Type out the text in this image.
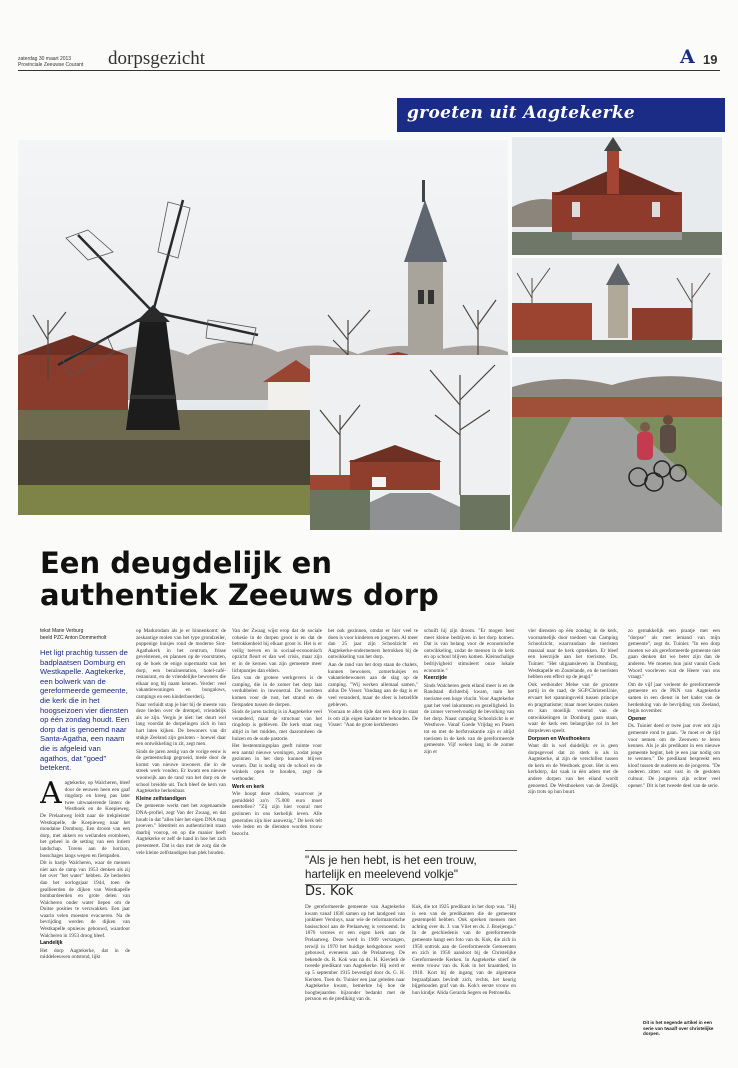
zaterdag 30 maart 2013
Provinciale Zeeuwse Courant	dorpsgezicht	A 19
groeten uit Aagtekerke
Een deugdelijk en
authentiek Zeeuws dorp
tekst Marie Verburg
beeld PZC Anton Dommerholt
Het ligt prachtig tussen de badplaatsen Domburg en Westkapelle. Aagtekerke, een bolwerk van de gereformeerde gemeente, die kerk die in het hoogseizoen vier diensten op één zondag houdt. Een dorp dat is genoemd naar Santa-Agatha, een naam die is afgeleid van agathos, dat "goed" betekent.

Aagtekerke, op Walcheren, bleef door de eeuwen heen een gaaf ringdorp en kreeg pas later twee uitwaaierende linten: de Westhoek en de Koepieweg. De Prelaatweg leidt naar de trekpleister Westkapelle, de Koepieweg naar het mondaine Domburg. Een droom van een dorp, met akkers en weilanden eromheen, het geheel in de setting van een intiem landschap. Torens aan de horizon, bosschages langs wegen en fietspaden.

Dit is hartje Walcheren, waar de mensen niet aan de ramp van 1953 denken als zij het over "het water" hebben. Ze bedoelen dan het oorlogsjaar 1944, toen de geallieerden de dijken van Westkapelle bombardeerden en grote delen van Walcheren onder water liepen om de Duitse posities te verzwakken. Een jaar waarin velen moesten evacueren. Na de bevrijding werden de dijken van Westkapelle opnieuw gebouwd, waardoor Walcheren in 1953 droog bleef.

Landelijk

Het dorp Aagtekerke, dat in de middeleeuwen ontstond, lijkt

op Madurodam als je er binnenkomt: de zeskantige molen van het type grondzeiler, poppenige huisjes rond de moderne Sint-Agathakerk in het centrum, frisse gevelstenen, en plannen op de voorstraten, op de hoek de enige supermarkt van het dorp, een benzinestation, hotel-café-restaurant, en de vriendelijke bewoners die elkaar nog bij naam kennen. Verder: veel vakantiewoningen en bungalows, campings en een kinderboerderij.

Naar verluidt stap je hier bij de meeste van deze lieden over de drempel, vriendelijk als ze zijn. Vergis je niet: het duurt wel lang voordat de dorpelingen zich in hun hart laten kijken. De bewoners van dit stukje Zeeland zijn gesloten – hoewel daar een ontwikkeling in zit, zegt men.

Sinds de jaren zestig van de vorige eeuw is de gemeenschap gegroeid, mede door de komst van nieuwe inwoners die in de streek werk vonden. Er kwam een nieuwe woonwijk aan de rand van het dorp en de school breidde uit. Toch bleef de kern van Aagtekerke herkenbaar.

Kleine zelfstandigen

De gemeente werkt met het zogenaamde DNA-profiel, zegt Van der Zwaag, en dat houdt in dat "alles hier het eigen DNA mag proeven." Identiteit en authenticiteit staan daarbij voorop, en op die manier heeft Aagtekerke er zelf de hand in hoe het zich presenteert. Dat is dan met de zorg dat de vele kleine zelfstandigen hun plek houden.

Van der Zwaag wijst erop dat de sociale cohesie in de dorpen groot is en dat de betrokkenheid bij elkaar groot is. Het is er veilig toeven en in sociaal-economisch opzicht fleurt er dan wel crisis, maar zijn er in de kernen van zijn gemeente meer lichtpuntjes dan elders.

Een van de grotere werkgevers is de camping, die in de zomer het dorp laat verdubbelen in inwonertal. De toeristen komen voor de rust, het strand en de fietspaden tussen de dorpen.

Sinds de jaren tachtig is in Aagtekerke veel veranderd, maar de structuur van het ringdorp is gebleven. De kerk staat nog altijd in het midden, met daaromheen de huizen en de oude pastorie.

Het bestemmingsplan geeft ruimte voor een aantal nieuwe woningen, zodat jonge gezinnen in het dorp kunnen blijven wonen. Dat is nodig om de school en de winkels open te houden, zegt de wethouder.

Werk en kerk

Wie hoopt deze chalets, waarvoor je gemiddeld zo'n 75.000 euro moet neertellen? "Zij zijn hier vooral met gezinnen in ons kerkelijk leven. Alle generaties zijn hier aanwezig." De kerk telt vele leden en de diensten worden trouw bezocht.

het ook gezinnen, omdat er hier veel te doen is voor kinderen en jongeren. Al meer dan 25 jaar zijn Schoolzicht en Aagtekerke-ondernemers betrokken bij de ontwikkeling van het dorp.

Aan de rand van het dorp staan de chalets, kunnen bewoners, zomerhuisjes en vakantiebewoners aan de slag op de camping. "Wij werken allemaal samen," aldus De Visser. Vandaag aan de dag is er veel veranderd, maar de sfeer is hetzelfde gebleven.

Vooraan te allen tijde dat een dorp in staat is om zijn eigen karakter te behouden. De Visser: "Aan de grote kerkfeesten

schuift hij zijn droom. "Er mogen best meer kleine bedrijven in het dorp komen. Dat is van belang voor de economische ontwikkeling, zodat de mensen in de kerk en op school blijven komen. Kleinschalige bedrijvigheid stimuleert onze lokale economie."

Keerzijde

Sinds Walcheren geen eiland meer is en de Randstad dichterbij kwam, nam het toerisme een hoge vlucht. Voor Aagtekerke gaat het veel inkomsten en gezelligheid. In de zomer verveelvoudigt de bevolking van het dorp. Naast camping Schoolzicht is er Westhove. Vanaf Goede Vrijdag en Pasen tot en met de herfstvakantie zijn er altijd toeristen in de kerk van de gereformeerde gemeente. Vijf weken lang in de zomer zijn er

vier diensten op één zondag in de kerk, voornamelijk door toedoen van Camping Schoolzicht, waarvandaan de toeristen massaal naar de kerk optrekken. Er bleef een keerzijde aan het toerisme. Ds. Tuinier: "Het uitgaansleven in Domburg, Westkapelle en Zoutelande, en de toeristen hebben een effect op de jeugd."

Ook wethouder Melse van de grootste partij in de raad, de SGP/ChristenUnie, ervaart het spanningsveld tussen principe en pragmatisme; maar moet keuzes maken en kan moeilijk vreemd van de ontwikkelingen in Domburg gaan staan, waar de kerk een belangrijke rol in het dorpsleven speelt.

Dorpsen en Westhoekers

Want dit is wel duidelijk: er is geen dorpsgevoel dat zo sterk is als in Aagtekerke, al zijn de verschillen tussen de kern en de Westhoek groot. Het is een kerkdorp, dat vaak in één adem met de andere dorpen van het eiland wordt genoemd. De Westhoekers van de Zeedijk zijn trots op hun buurt.

zo gemakkelijk een praatje met een "dorpse" als met iemand van mijn gemeente", zegt ds. Tuinier. "In een dorp moeten we als gereformeerde gemeente niet gaan denken dat we beter zijn dan de anderen. We moeten hun juist vanuit Gods Woord voorleven wat de Heere van ons vraagt."

Om de vijf jaar verleent de gereformeerde gemeente en de PKN van Aagtekerke samen in een dienst in het kader van de herdenking van de bevrijding van Zeeland, begin november.

Opener

Ds. Tuinier deed er twee jaar over om zijn gemeente rond te gaan. "Je moet er de tijd voor nemen om de Zeeuwen te leren kennen. Als je als predikant in een nieuwe gemeente begint, heb je een jaar nodig om te wennen." De predikant bespreekt een kloof tussen de ouderen en de jongeren. "De ouderen zitten wat vast in de gesloten cultuur. De jongeren zijn echter veel opener." Dit is het tweede deel van de serie.

"Als je hen hebt, is het een trouw, hartelijk en meelevend volkje"
Ds. Kok
De gereformeerde gemeente van Aagtekerke kwam vanaf 1838 samen op het landgoed van jonkheer Versluys, naar wie de reformatorische basisschool aan de Prelaatweg is vernoemd. In 1876 verrees er een eigen kerk aan de Prelaatweg. Deze werd in 1909 vervangen, terwijl in 1970 het huidige kerkgebouw werd gebouwd, eveneens aan de Prelaatweg. De bekende ds. R. Kok was na ds. H. Kievieth de tweede predikant van Aagtekerke. Hij werd er op 5 september 1915 bevestigd door ds. G. H. Kersten. Toen ds. Tuinier een jaar geleden naar Aagtekerke kwam, bemerkte hij hoe de hoogbejaarden bijzonder bedankt met de persoon en de prediking van ds.
Kok, die tot 1925 predikant in het dorp was. "Hij is een van de predikanten die de gemeente gestempeld hebben. Ook spreken mensen met achting over ds. J. van Vliet en ds. J. Boeijenga." In de geschiedenis van de gereformeerde gemeente hangt een foto van ds. Kok, die zich in 1950 onttrok aan de Gereformeerde Gemeenten en zich in 1956 aansloot bij de Christelijke Gereformeerde Kerken. In Aagtekerke stierf de eerste vrouw van ds. Kok in het kraambed, in 1918. Kort bij de ingang van de algemene begraafplaats bevindt zich, rechts, het keurig bijgehouden graf van ds. Kok's eerste vrouw en hun kindje: Alida Gerarda Segers en Petronella.
Dit is het negende artikel in een serie van twaalf over christelijke dorpen.
